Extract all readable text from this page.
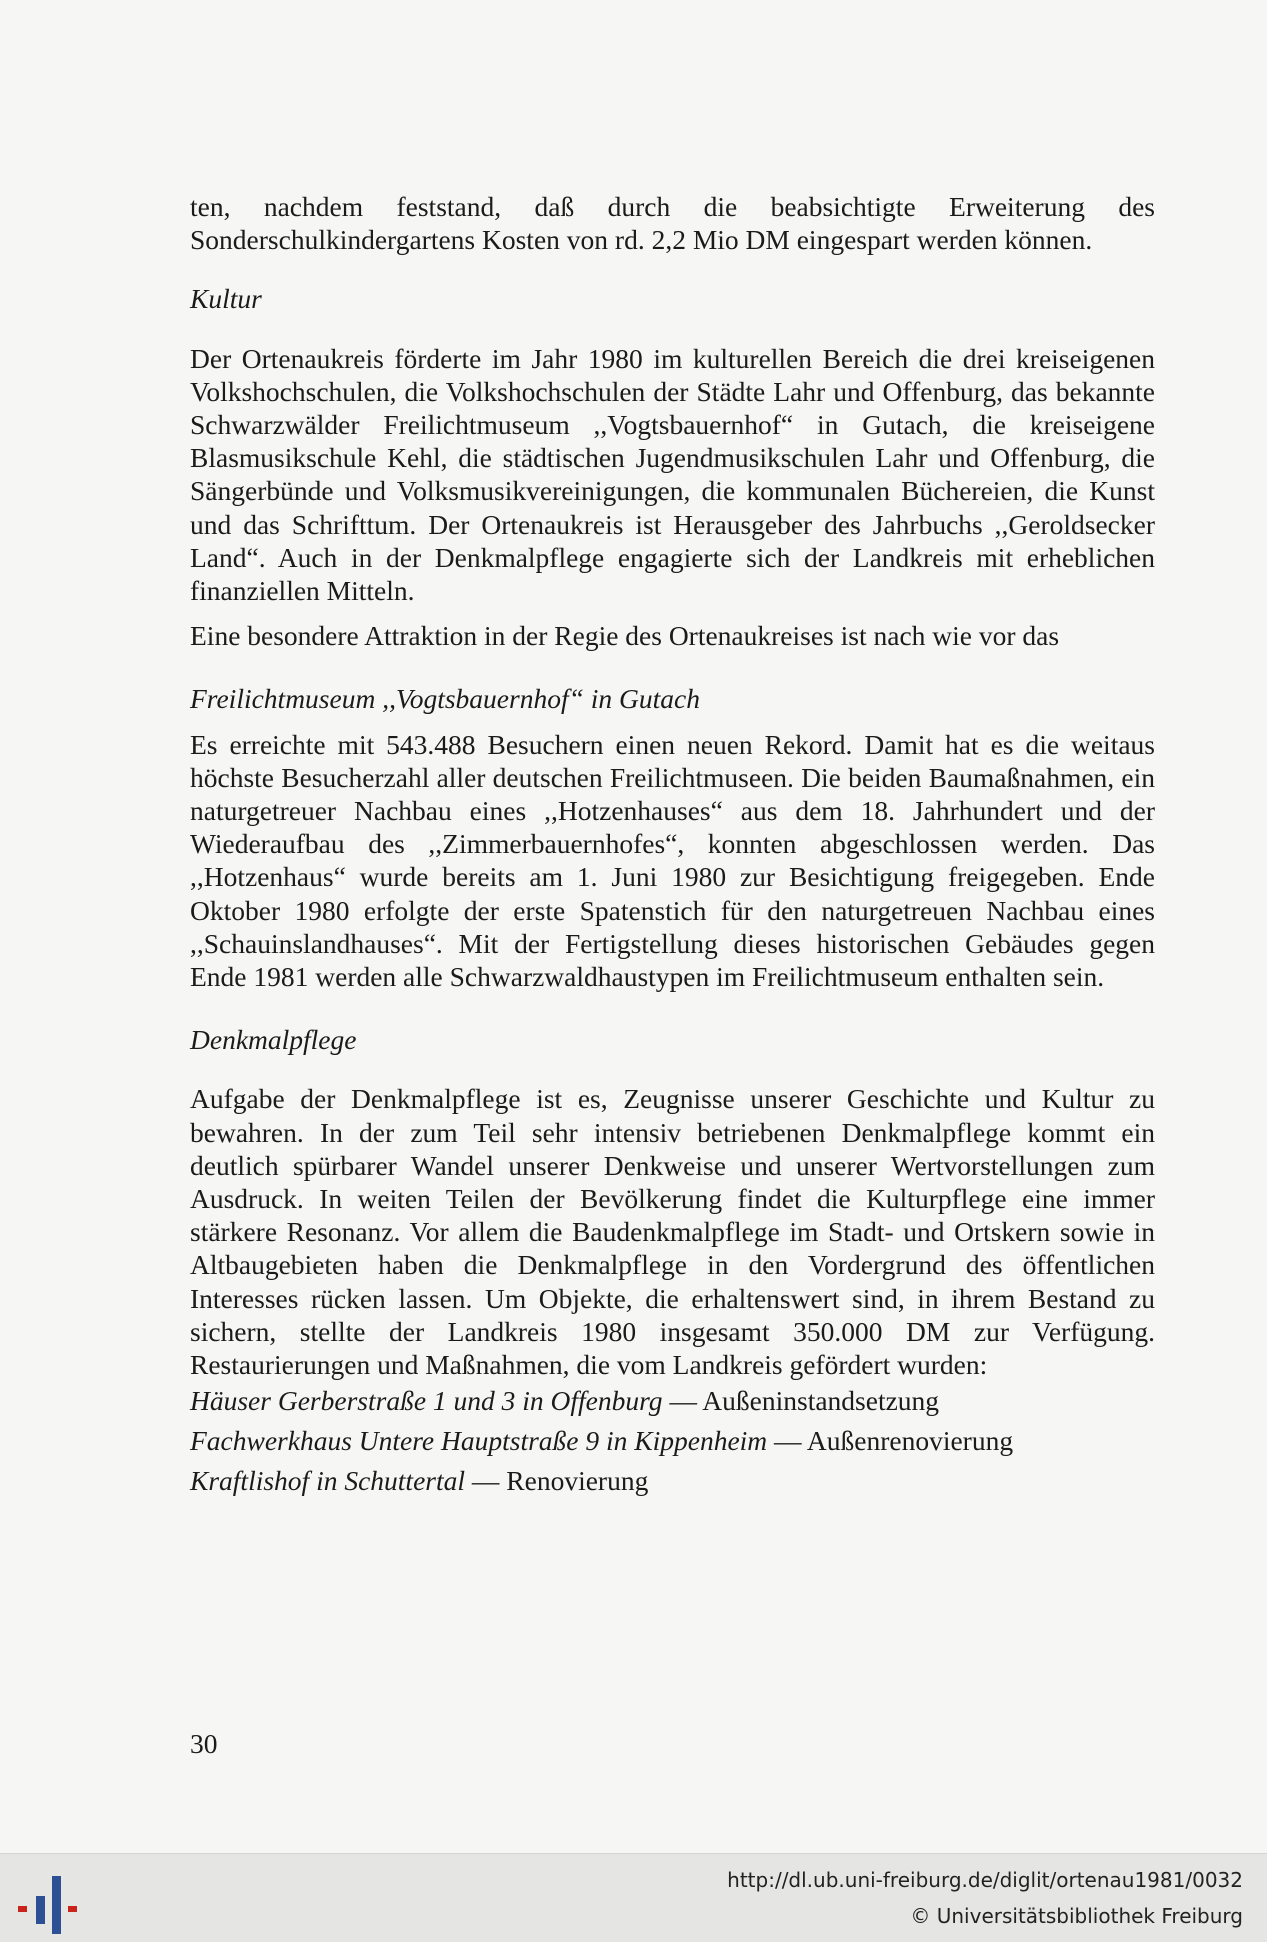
ten, nachdem feststand, daß durch die beabsichtigte Erweiterung des Sonderschulkindergartens Kosten von rd. 2,2 Mio DM eingespart werden können.

Kultur

Der Ortenaukreis förderte im Jahr 1980 im kulturellen Bereich die drei kreiseigenen Volkshochschulen, die Volkshochschulen der Städte Lahr und Offenburg, das bekannte Schwarzwälder Freilichtmuseum ,,Vogtsbauernhof“ in Gutach, die kreiseigene Blasmusikschule Kehl, die städtischen Jugendmusikschulen Lahr und Offenburg, die Sängerbünde und Volksmusikvereinigungen, die kommunalen Büchereien, die Kunst und das Schrifttum. Der Ortenaukreis ist Herausgeber des Jahrbuchs ,,Geroldsecker Land“. Auch in der Denkmalpflege engagierte sich der Landkreis mit erheblichen finanziellen Mitteln.

Eine besondere Attraktion in der Regie des Ortenaukreises ist nach wie vor das

Freilichtmuseum ,,Vogtsbauernhof“ in Gutach

Es erreichte mit 543.488 Besuchern einen neuen Rekord. Damit hat es die weitaus höchste Besucherzahl aller deutschen Freilichtmuseen. Die beiden Baumaßnahmen, ein naturgetreuer Nachbau eines ,,Hotzenhauses“ aus dem 18. Jahrhundert und der Wiederaufbau des ,,Zimmerbauernhofes“, konnten abgeschlossen werden. Das ,,Hotzenhaus“ wurde bereits am 1. Juni 1980 zur Besichtigung freigegeben. Ende Oktober 1980 erfolgte der erste Spatenstich für den naturgetreuen Nachbau eines ,,Schauinslandhauses“. Mit der Fertigstellung dieses historischen Gebäudes gegen Ende 1981 werden alle Schwarzwaldhaustypen im Freilichtmuseum enthalten sein.

Denkmalpflege

Aufgabe der Denkmalpflege ist es, Zeugnisse unserer Geschichte und Kultur zu bewahren. In der zum Teil sehr intensiv betriebenen Denkmalpflege kommt ein deutlich spürbarer Wandel unserer Denkweise und unserer Wertvorstellungen zum Ausdruck. In weiten Teilen der Bevölkerung findet die Kulturpflege eine immer stärkere Resonanz. Vor allem die Baudenkmalpflege im Stadt- und Ortskern sowie in Altbaugebieten haben die Denkmalpflege in den Vordergrund des öffentlichen Interesses rücken lassen. Um Objekte, die erhaltenswert sind, in ihrem Bestand zu sichern, stellte der Landkreis 1980 insgesamt 350.000 DM zur Verfügung. Restaurierungen und Maßnahmen, die vom Landkreis gefördert wurden:

Häuser Gerberstraße 1 und 3 in Offenburg — Außeninstandsetzung

Fachwerkhaus Untere Hauptstraße 9 in Kippenheim — Außenrenovierung

Kraftlishof in Schuttertal — Renovierung

30
http://dl.ub.uni-freiburg.de/diglit/ortenau1981/0032
© Universitätsbibliothek Freiburg
